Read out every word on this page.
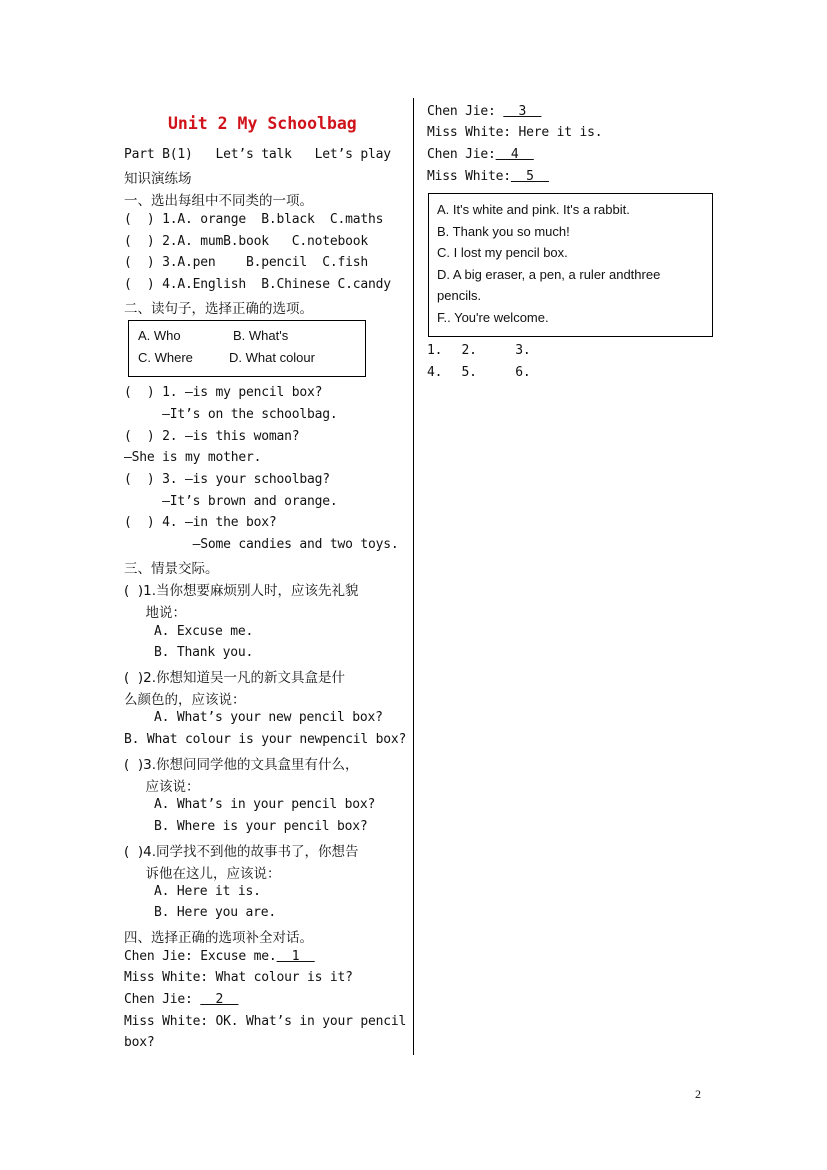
Unit 2 My Schoolbag
Part B(1)   Let’s talk   Let’s play
知识演练场
一、选出每组中不同类的一项。
(  ) 1.A. orange  B.black  C.maths
(  ) 2.A. mumB.book   C.notebook
(  ) 3.A.pen    B.pencil  C.fish
(  ) 4.A.English  B.Chinese C.candy
二、读句子，选择正确的选项。
A. Who	B. What's
C. Where	D. What colour
(  ) 1. —is my pencil box?
—It’s on the schoolbag.
(  ) 2. —is this woman?
—She is my mother.
(  ) 3. —is your schoolbag?
—It’s brown and orange.
(  ) 4. —in the box?
—Some candies and two toys.
三、情景交际。
(  )1.当你想要麻烦别人时，应该先礼貌
地说：
A. Excuse me.
B. Thank you.
(  )2.你想知道吴一凡的新文具盒是什
么颜色的，应该说：
A. What’s your new pencil box?
B. What colour is your newpencil box?
(  )3.你想问同学他的文具盒里有什么，
应该说：
A. What’s in your pencil box?
B. Where is your pencil box?
(  )4.同学找不到他的故事书了，你想告
诉他在这儿，应该说：
A. Here it is.
B. Here you are.
四、选择正确的选项补全对话。
Chen Jie: Excuse me.  1
Miss White: What colour is it?
Chen Jie:   2
Miss White: OK. What’s in your pencil
box?
Chen Jie:   3
Miss White: Here it is.
Chen Jie:  4
Miss White:  5
A. It's white and pink. It's a rabbit.
B. Thank you so much!
C. I lost my pencil box.
D. A big eraser, a pen, a ruler andthree
pencils.
F.. You're welcome.
1.  2.    3.
4.  5.    6.
2
